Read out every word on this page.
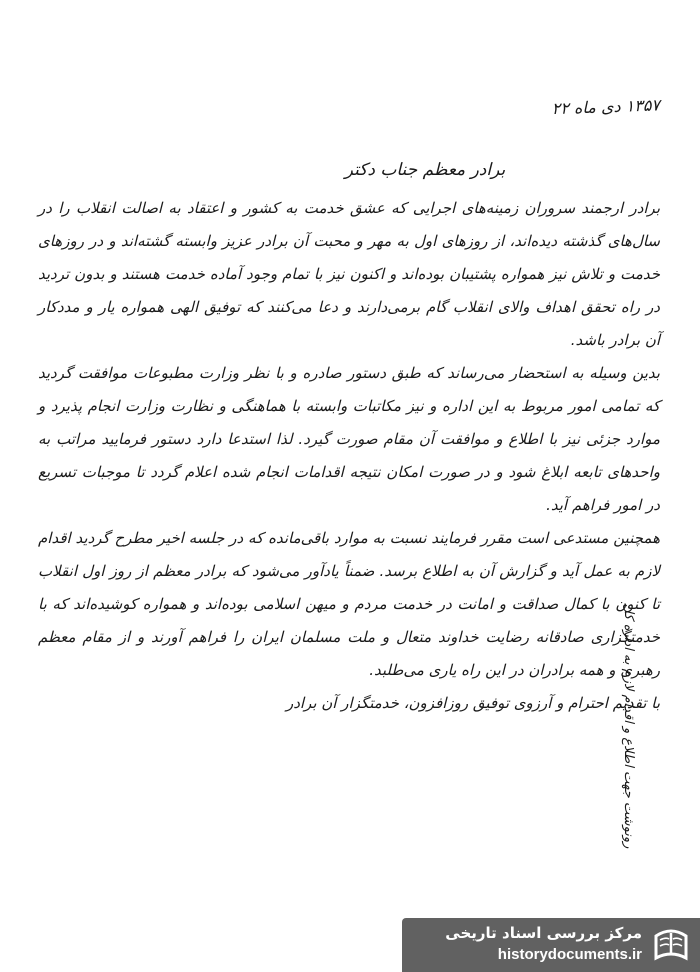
۱۳۵۷ دی ماه ۲۲
برادر معظم جناب دکتر

برادر ارجمند سروران زمینه‌های اجرایی که عشق خدمت به کشور و اعتقاد به اصالت انقلاب را در سال‌های گذشته دیده‌اند، از روزهای اول به مهر و محبت آن برادر عزیز وابسته گشته‌اند و در روزهای خدمت و تلاش نیز همواره پشتیبان بوده‌اند و اکنون نیز با تمام وجود آماده خدمت هستند و بدون تردید در راه تحقق اهداف والای انقلاب گام برمی‌دارند و دعا می‌کنند که توفیق الهی همواره یار و مددکار آن برادر باشد.

بدین وسیله به استحضار می‌رساند که طبق دستور صادره و با نظر وزارت مطبوعات موافقت گردید که تمامی امور مربوط به این اداره و نیز مکاتبات وابسته با هماهنگی و نظارت وزارت انجام پذیرد و موارد جزئی نیز با اطلاع و موافقت آن مقام صورت گیرد. لذا استدعا دارد دستور فرمایید مراتب به واحدهای تابعه ابلاغ شود و در صورت امکان نتیجه اقدامات انجام شده اعلام گردد تا موجبات تسریع در امور فراهم آید.

همچنین مستدعی است مقرر فرمایند نسبت به موارد باقی‌مانده که در جلسه اخیر مطرح گردید اقدام لازم به عمل آید و گزارش آن به اطلاع برسد. ضمناً یادآور می‌شود که برادر معظم از روز اول انقلاب تا کنون با کمال صداقت و امانت در خدمت مردم و میهن اسلامی بوده‌اند و همواره کوشیده‌اند که با خدمتگزاری صادقانه رضایت خداوند متعال و ملت مسلمان ایران را فراهم آورند و از مقام معظم رهبری و همه برادران در این راه یاری می‌طلبد.

با تقدیم احترام و آرزوی توفیق روزافزون، خدمتگزار آن برادر

رونوشت جهت اطلاع و اقدام لازم به اداره کل
مرکز بررسی اسناد تاریخی
historydocuments.ir
